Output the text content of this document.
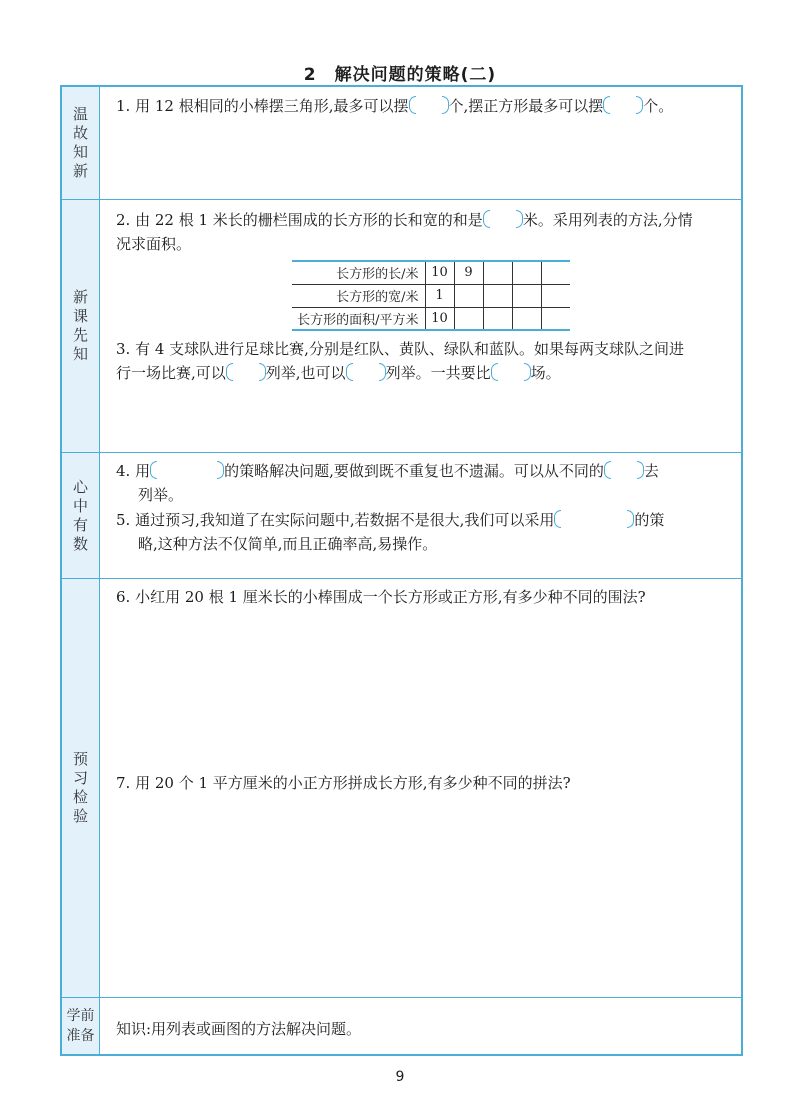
2 解决问题的策略(二)
温故知新
1. 用 12 根相同的小棒摆三角形,最多可以摆	个,摆正方形最多可以摆	个。
新课先知
2. 由 22 根 1 米长的栅栏围成的长方形的长和宽的和是	米。采用列表的方法,分情
况求面积。
长方形的长/米	10	9			
长方形的宽/米	1				
长方形的面积/平方米	10				
3. 有 4 支球队进行足球比赛,分别是红队、黄队、绿队和蓝队。如果每两支球队之间进
行一场比赛,可以	列举,也可以	列举。一共要比	场。
心中有数
4. 用	的策略解决问题,要做到既不重复也不遗漏。可以从不同的	去
列举。
5. 通过预习,我知道了在实际问题中,若数据不是很大,我们可以采用	的策
略,这种方法不仅简单,而且正确率高,易操作。
预习检验
6. 小红用 20 根 1 厘米长的小棒围成一个长方形或正方形,有多少种不同的围法?
7. 用 20 个 1 平方厘米的小正方形拼成长方形,有多少种不同的拼法?
学前
准备 知识:用列表或画图的方法解决问题。
9
